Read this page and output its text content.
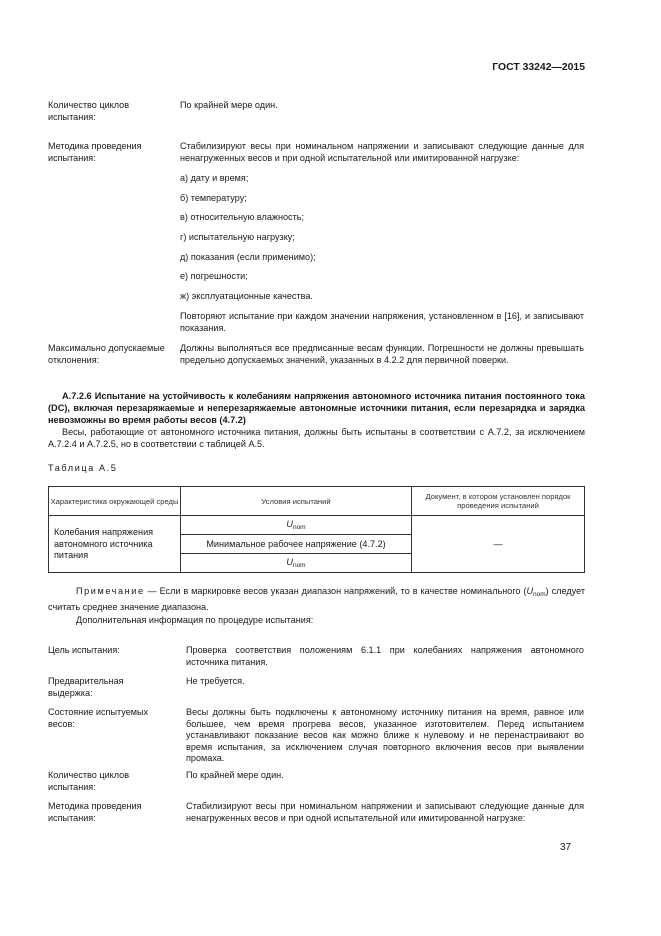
ГОСТ 33242—2015
Количество циклов испытания:
По крайней мере один.
Методика проведения испытания:
Стабилизируют весы при номинальном напряжении и записывают следующие данные для ненагруженных весов и при одной испытательной или имитированной нагрузке:
а) дату и время;
б) температуру;
в) относительную влажность;
г) испытательную нагрузку;
д) показания (если применимо);
е) погрешности;
ж) эксплуатационные качества.
Повторяют испытание при каждом значении напряжения, установленном в [16], и записывают показания.
Максимально допускаемые отклонения:
Должны выполняться все предписанные весам функции. Погрешности не должны превышать предельно допускаемых значений, указанных в 4.2.2 для первичной поверки.
А.7.2.6 Испытание на устойчивость к колебаниям напряжения автономного источника питания постоянного тока (DC), включая перезаряжаемые и неперезаряжаемые автономные источники питания, если перезарядка и зарядка невозможны во время работы весов (4.7.2)
Весы, работающие от автономного источника питания, должны быть испытаны в соответствии с А.7.2, за исключением А.7.2.4 и А.7.2.5, но в соответствии с таблицей А.5.
Таблица А.5
Характеристика окружающей среды	Условия испытаний	Документ, в котором установлен порядок проведения испытаний
Колебания напряжения автономного источника питания	$U_{nom}$	—
	Минимальное рабочее напряжение (4.7.2)	
	$U_{nom}$
Примечание — Если в маркировке весов указан диапазон напряжений, то в качестве номинального $(U_{nom})$ следует считать среднее значение диапазона.
Дополнительная информация по процедуре испытания:
Цель испытания:	Проверка соответствия положениям 6.1.1 при колебаниях напряжения автономного источника питания.
Предварительная выдержка:
Не требуется.
Состояние испытуемых весов:
Весы должны быть подключены к автономному источнику питания на время, равное или большее, чем время прогрева весов, указанное изготовителем. Перед испытанием устанавливают показание весов как можно ближе к нулевому и не перенастраивают во время испытания, за исключением случая повторного включения весов при выявлении промаха.
Количество циклов испытания:
По крайней мере один.
Методика проведения испытания:
Стабилизируют весы при номинальном напряжении и записывают следующие данные для ненагруженных весов и при одной испытательной или имитированной нагрузке:
37
